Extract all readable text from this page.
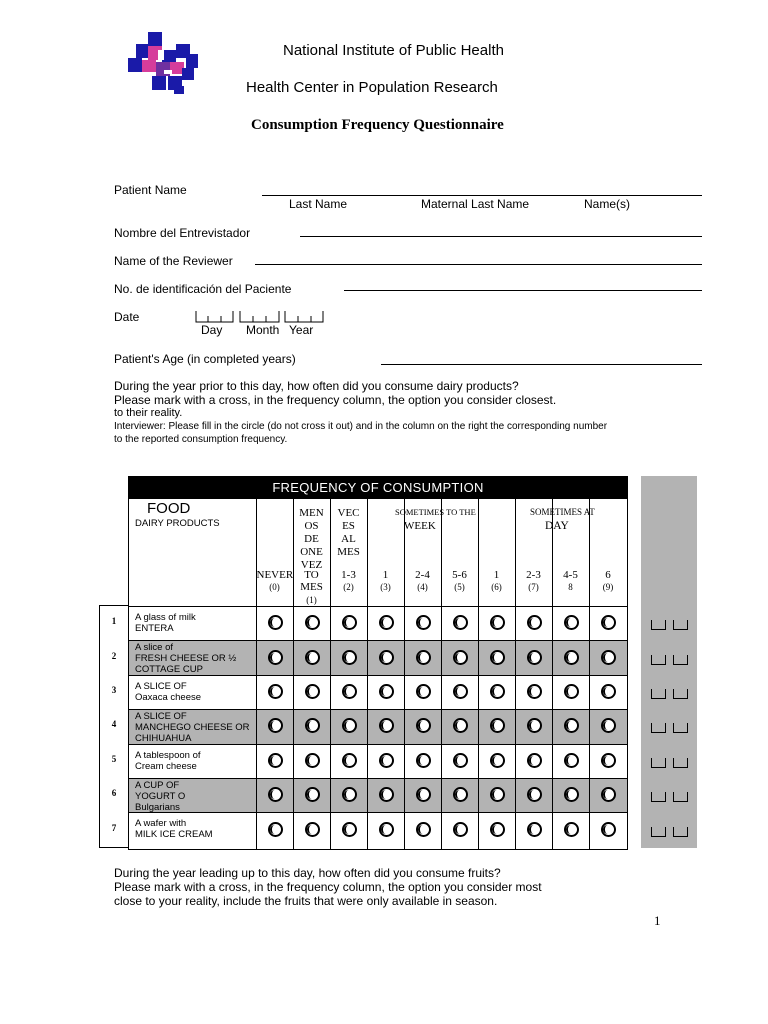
National Institute of Public Health
Health Center in Population Research
Consumption Frequency Questionnaire
Patient Name
Last Name	Maternal Last Name	Name(s)
Nombre del Entrevistador
Name of the Reviewer
No. de identificación del Paciente
Date
Day Month Year
Patient's Age (in completed years)
During the year prior to this day, how often did you consume dairy products?
Please mark with a cross, in the frequency column, the option you consider closest.
to their reality.
Interviewer: Please fill in the circle (do not cross it out) and in the column on the right the corresponding number
to the reported consumption frequency.
FREQUENCY OF CONSUMPTION
FOOD
DAIRY PRODUCTS
SOMETIMES TO THE
WEEK
SOMETIMES AT
DAY
A glass of milk
ENTERA
A slice of
FRESH CHEESE OR ½
COTTAGE CUP
A SLICE OF
Oaxaca cheese
A SLICE OF
MANCHEGO CHEESE OR
CHIHUAHUA
A tablespoon of
Cream cheese
A CUP OF
YOGURT O
Bulgarians
A wafer with
MILK ICE CREAM
NEVER
(0)
MEN
OS
DE
ONE
VEZ
TO
MES
(1)
VEC
ES
AL
MES
1-3
(2)
1
(3)
2-4
(4)
5-6
(5)
1
(6)
2-3
(7)
4-5
8
6
(9)
During the year leading up to this day, how often did you consume fruits?
Please mark with a cross, in the frequency column, the option you consider most
close to your reality, include the fruits that were only available in season.
1
1
2
3
4
5
6
7
